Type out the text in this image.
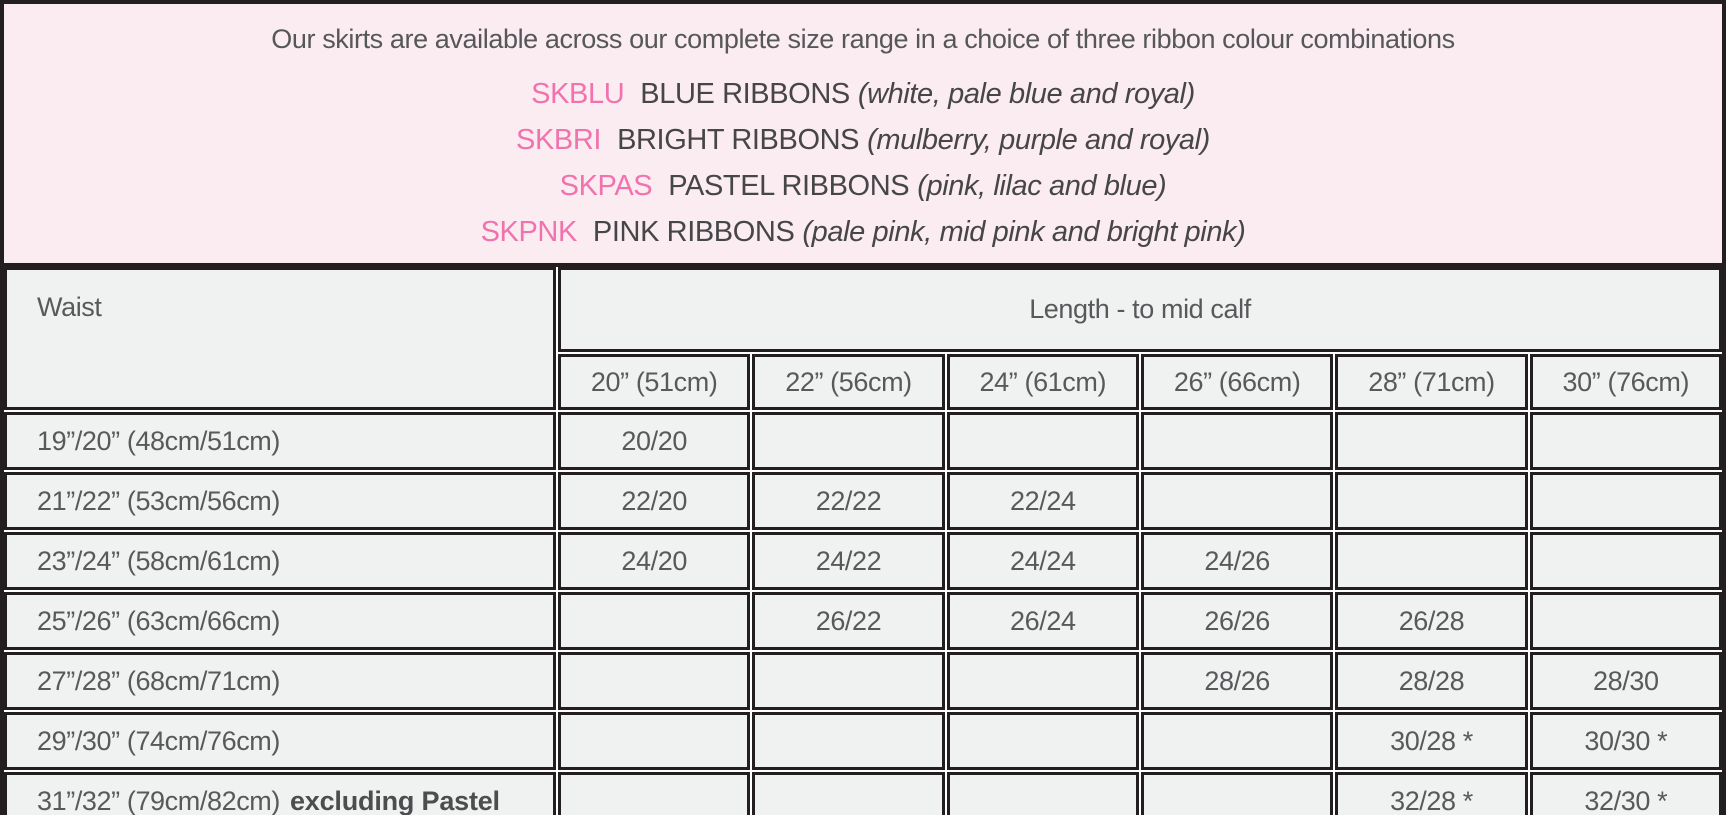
Our skirts are available across our complete size range in a choice of three ribbon colour combinations

SKBLU BLUE RIBBONS (white, pale blue and royal)
SKBRI BRIGHT RIBBONS (mulberry, purple and royal)
SKPAS PASTEL RIBBONS (pink, lilac and blue)
SKPNK PINK RIBBONS (pale pink, mid pink and bright pink)
Waist	Length - to mid calf					
	20” (51cm)	22” (56cm)	24” (61cm)	26” (66cm)	28” (71cm)	30” (76cm)
19”/20” (48cm/51cm)	20/20					
21”/22” (53cm/56cm)	22/20	22/22	22/24			
23”/24” (58cm/61cm)	24/20	24/22	24/24	24/26		
25”/26” (63cm/66cm)		26/22	26/24	26/26	26/28	
27”/28” (68cm/71cm)				28/26	28/28	28/30
29”/30” (74cm/76cm)					30/28 *	30/30 *
31”/32” (79cm/82cm) excluding Pastel					32/28 *	32/30 *
